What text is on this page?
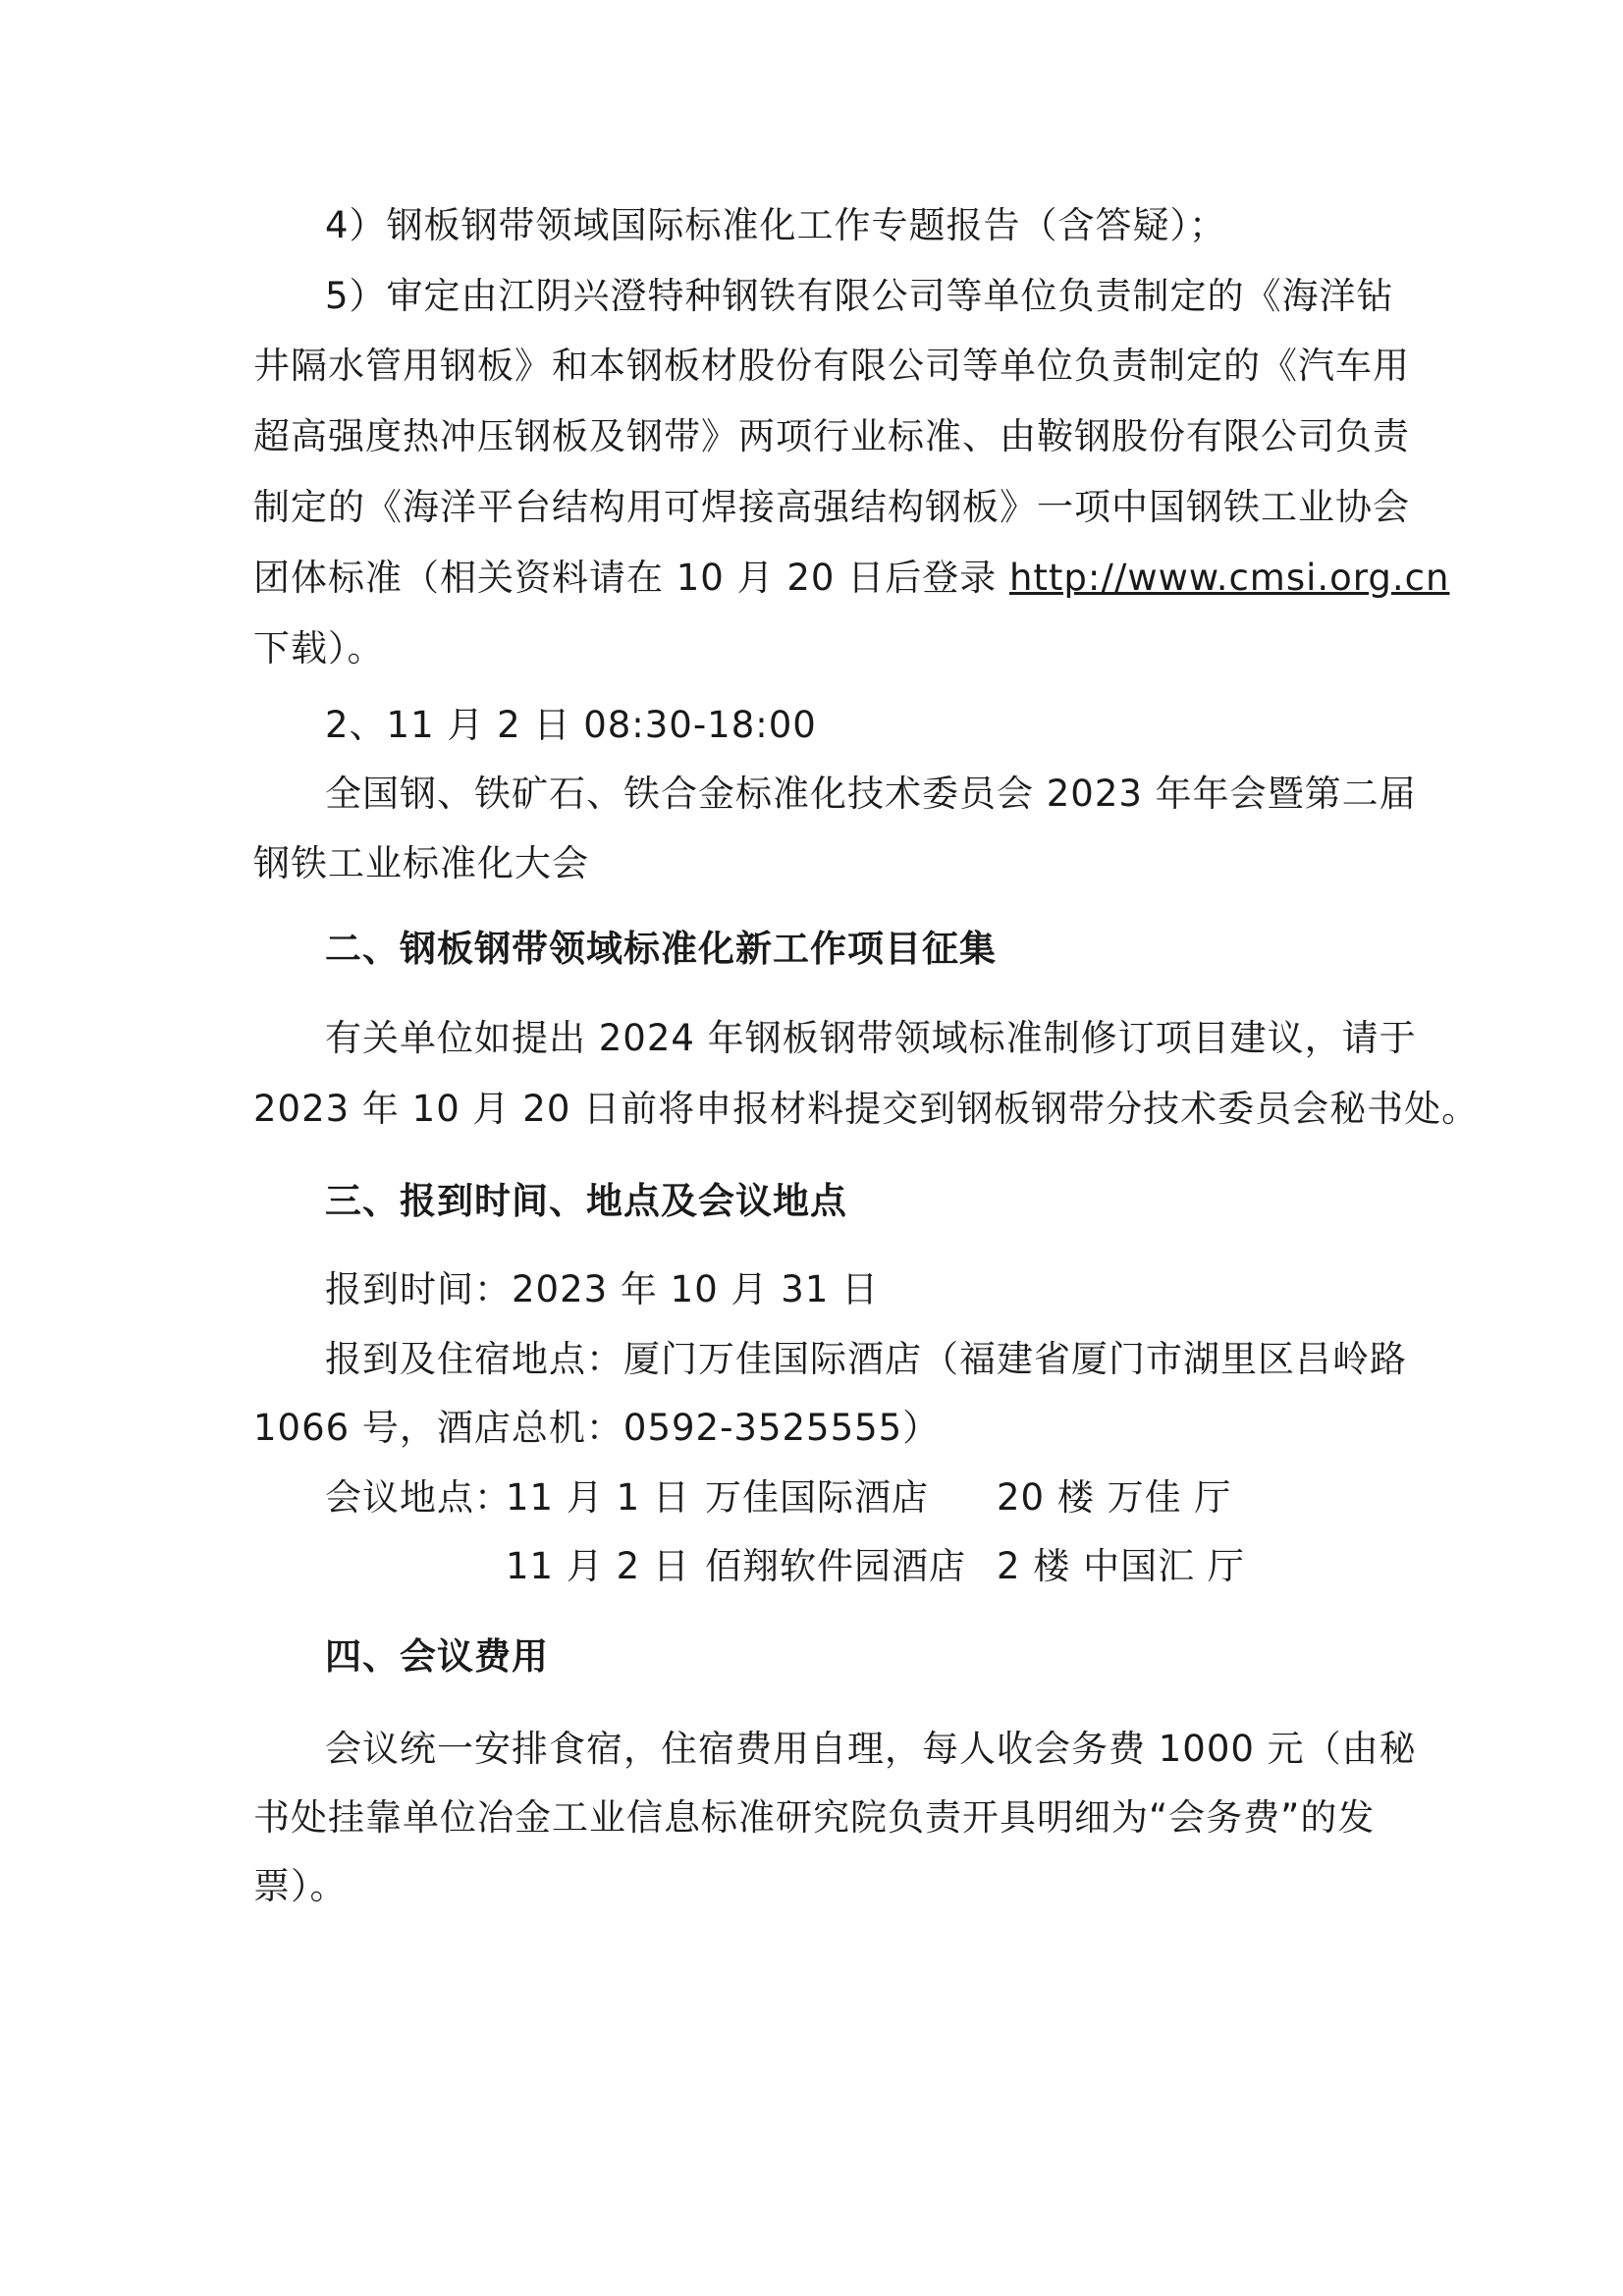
4）钢板钢带领域国际标准化工作专题报告（含答疑）；
5）审定由江阴兴澄特种钢铁有限公司等单位负责制定的《海洋钻
井隔水管用钢板》和本钢板材股份有限公司等单位负责制定的《汽车用
超高强度热冲压钢板及钢带》两项行业标准、由鞍钢股份有限公司负责
制定的《海洋平台结构用可焊接高强结构钢板》一项中国钢铁工业协会
团体标准（相关资料请在 10 月 20 日后登录 http://www.cmsi.org.cn
下载）。
2、11 月 2 日 08:30-18:00
全国钢、铁矿石、铁合金标准化技术委员会 2023 年年会暨第二届
钢铁工业标准化大会
二、钢板钢带领域标准化新工作项目征集
有关单位如提出 2024 年钢板钢带领域标准制修订项目建议，请于
2023 年 10 月 20 日前将申报材料提交到钢板钢带分技术委员会秘书处。
三、报到时间、地点及会议地点
报到时间：2023 年 10 月 31 日
报到及住宿地点：厦门万佳国际酒店（福建省厦门市湖里区吕岭路
1066 号，酒店总机：0592-3525555）
会议地点：
11 月 1 日 万佳国际酒店 20 楼 万佳 厅
11 月 2 日 佰翔软件园酒店 2 楼 中国汇 厅
四、会议费用
会议统一安排食宿，住宿费用自理，每人收会务费 1000 元（由秘
书处挂靠单位冶金工业信息标准研究院负责开具明细为“会务费”的发
票）。
